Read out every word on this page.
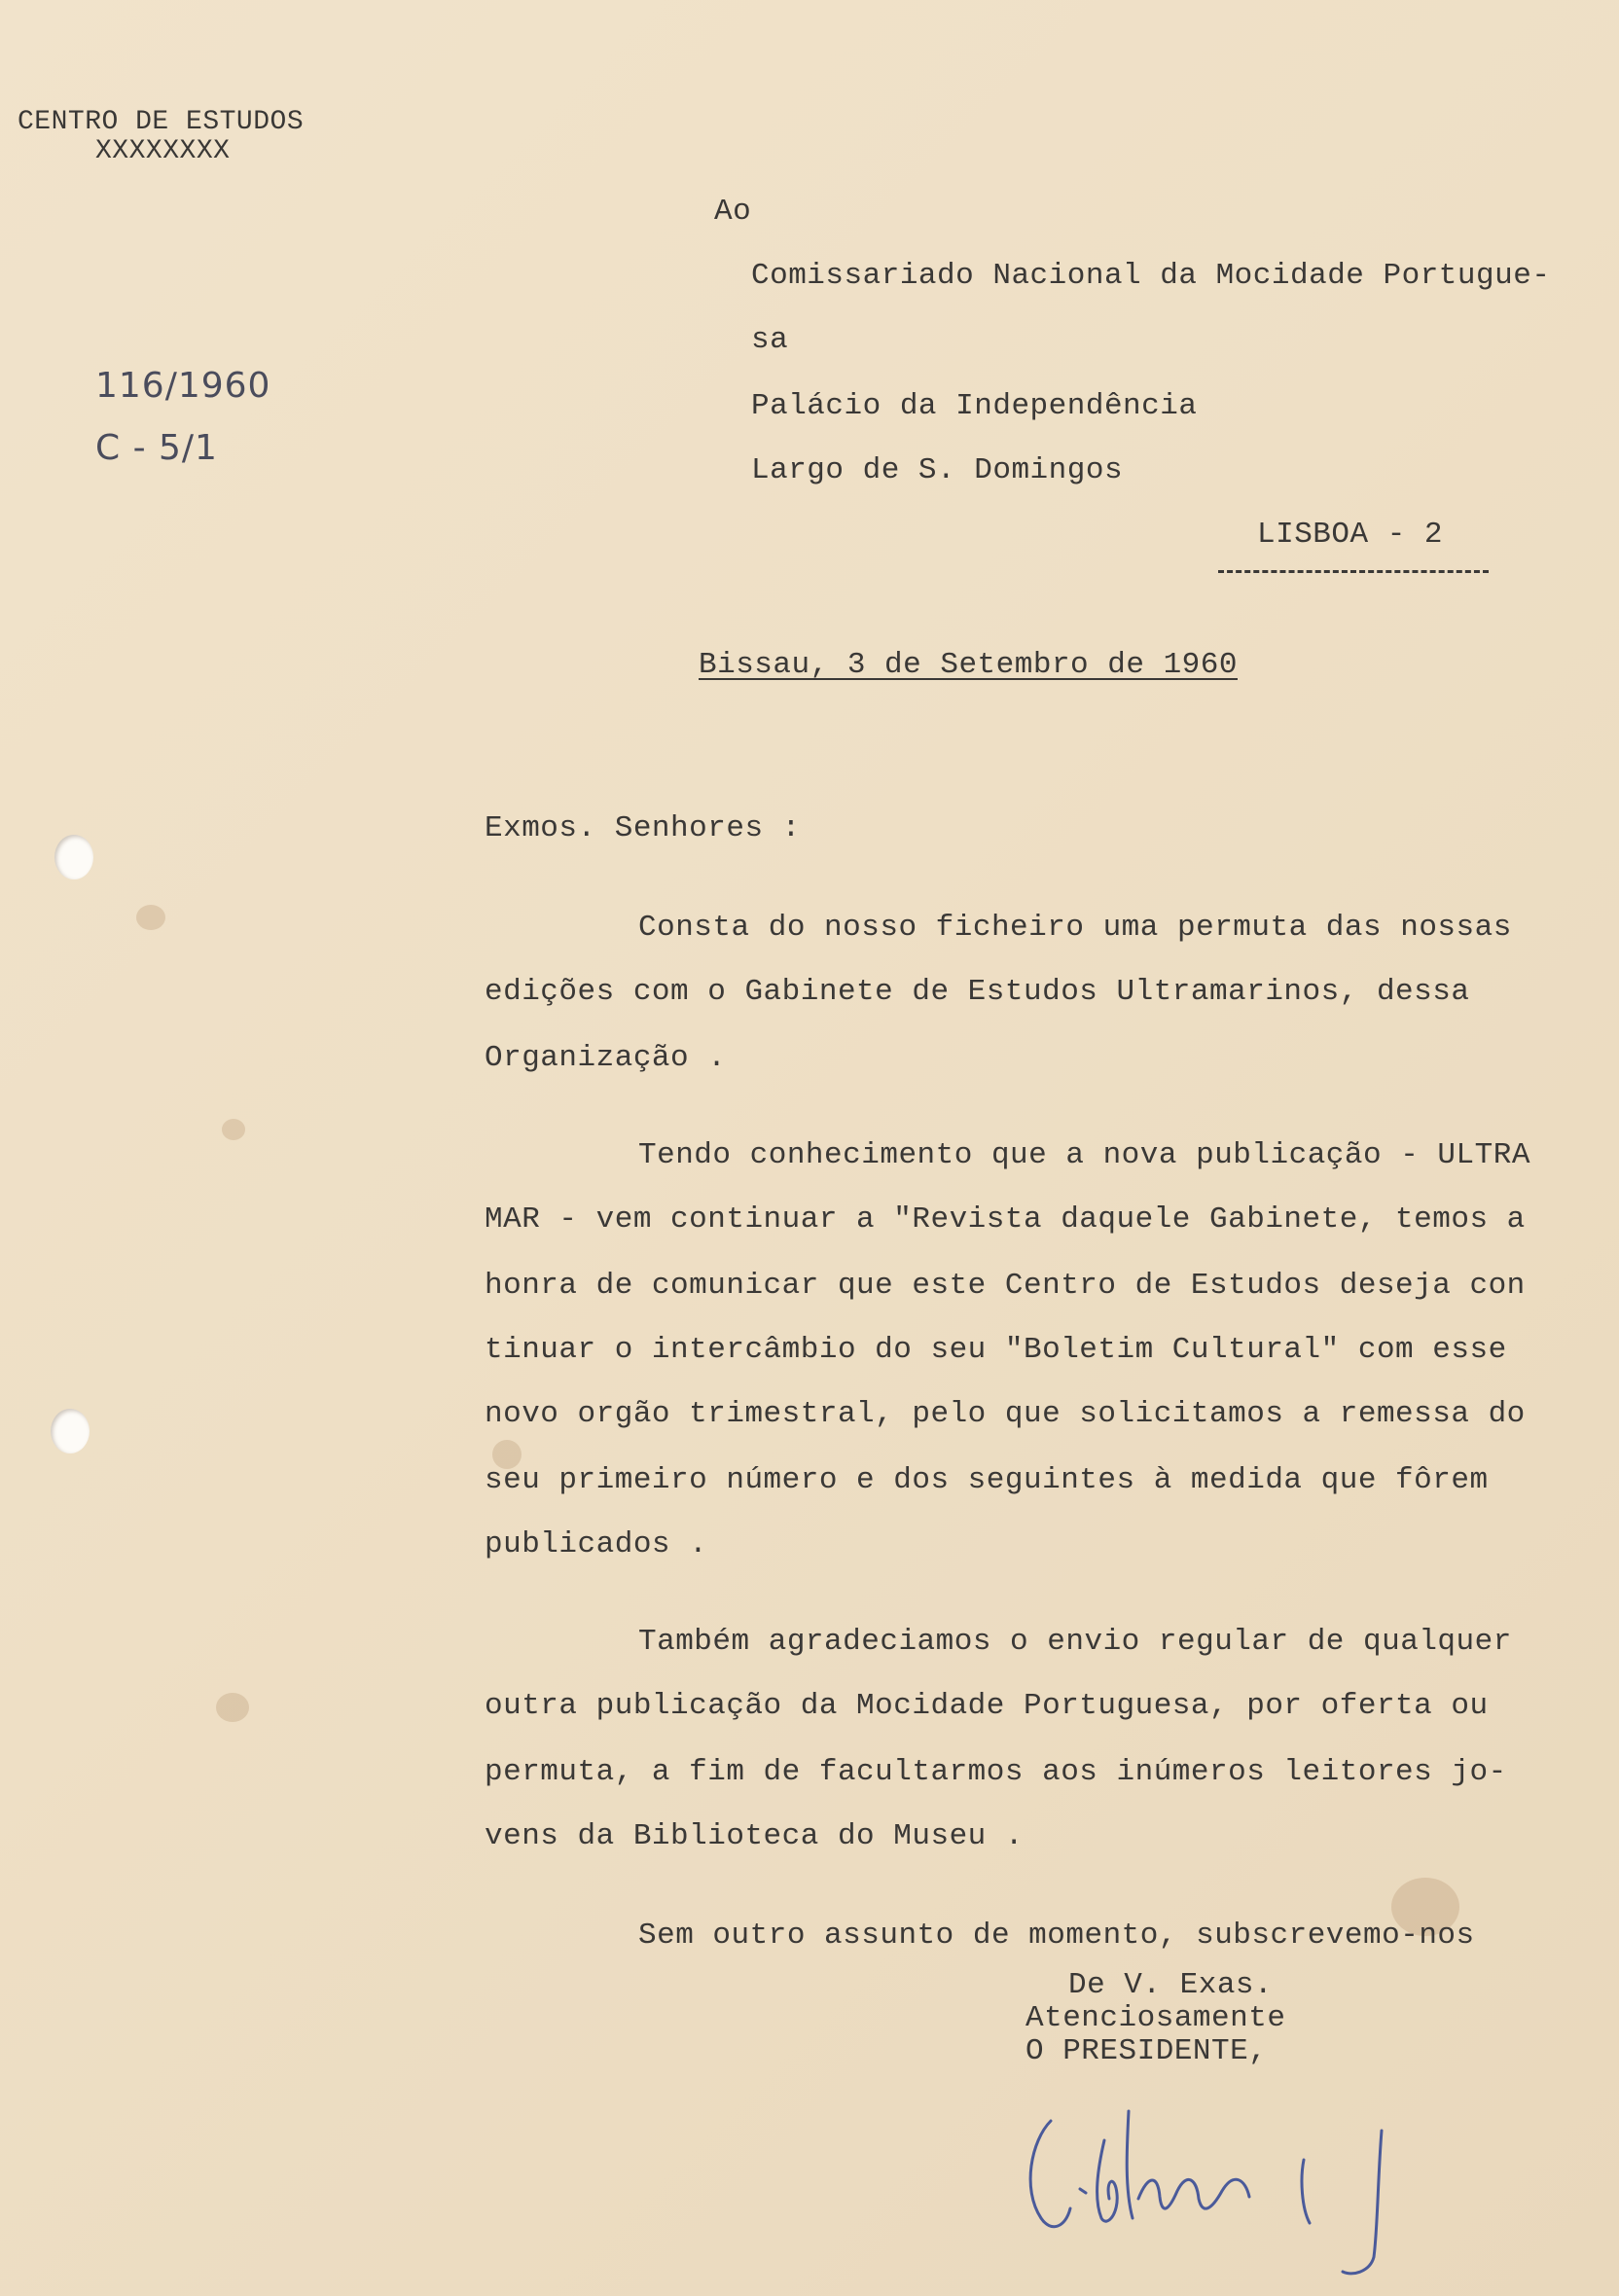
CENTRO DE ESTUDOS
XXXXXXXX
116/1960
C - 5/1
Ao
Comissariado Nacional da Mocidade Portugue-
sa
Palácio da Independência
Largo de S. Domingos
LISBOA - 2
Bissau, 3 de Setembro de 1960
Exmos. Senhores :
Consta do nosso ficheiro uma permuta das nossas
edições com o Gabinete de Estudos Ultramarinos, dessa
Organização .
Tendo conhecimento que a nova publicação - ULTRA
MAR - vem continuar a "Revista daquele Gabinete, temos a
honra de comunicar que este Centro de Estudos deseja con
tinuar o intercâmbio do seu "Boletim Cultural" com esse
novo orgão trimestral, pelo que solicitamos a remessa do
seu primeiro número e dos seguintes à medida que fôrem
publicados .
Também agradeciamos o envio regular de qualquer
outra publicação da Mocidade Portuguesa, por oferta ou
permuta, a fim de facultarmos aos inúmeros leitores jo-
vens da Biblioteca do Museu .
Sem outro assunto de momento, subscrevemo-nos
De V. Exas.
Atenciosamente
O PRESIDENTE,
